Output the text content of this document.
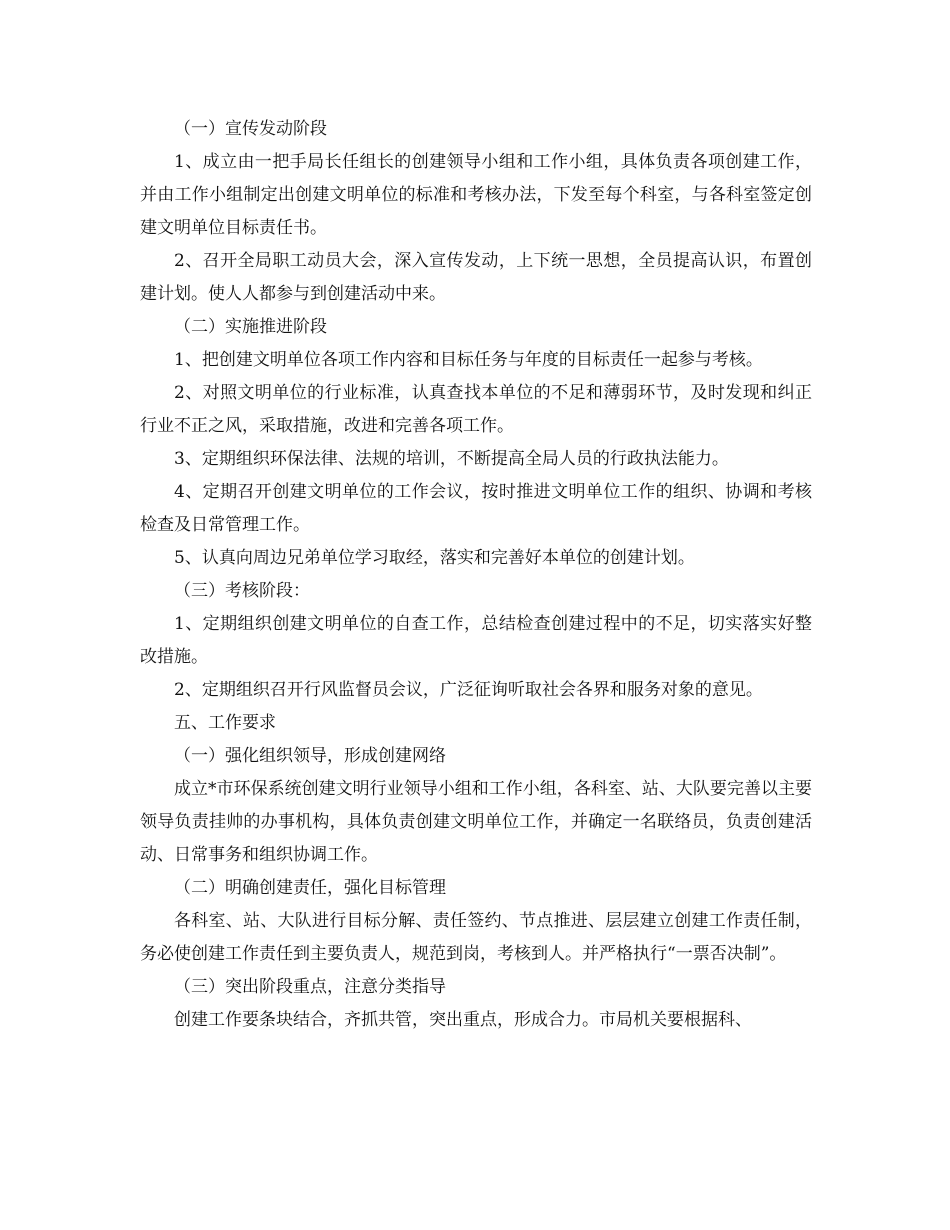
（一）宣传发动阶段

1、成立由一把手局长任组长的创建领导小组和工作小组，具体负责各项创建工作，并由工作小组制定出创建文明单位的标准和考核办法，下发至每个科室，与各科室签定创建文明单位目标责任书。

2、召开全局职工动员大会，深入宣传发动，上下统一思想，全员提高认识，布置创建计划。使人人都参与到创建活动中来。

（二）实施推进阶段

1、把创建文明单位各项工作内容和目标任务与年度的目标责任一起参与考核。

2、对照文明单位的行业标准，认真查找本单位的不足和薄弱环节，及时发现和纠正行业不正之风，采取措施，改进和完善各项工作。

3、定期组织环保法律、法规的培训，不断提高全局人员的行政执法能力。

4、定期召开创建文明单位的工作会议，按时推进文明单位工作的组织、协调和考核检查及日常管理工作。

5、认真向周边兄弟单位学习取经，落实和完善好本单位的创建计划。

（三）考核阶段：

1、定期组织创建文明单位的自查工作，总结检查创建过程中的不足，切实落实好整改措施。

2、定期组织召开行风监督员会议，广泛征询听取社会各界和服务对象的意见。

五、工作要求

（一）强化组织领导，形成创建网络

成立*市环保系统创建文明行业领导小组和工作小组，各科室、站、大队要完善以主要领导负责挂帅的办事机构，具体负责创建文明单位工作，并确定一名联络员，负责创建活动、日常事务和组织协调工作。

（二）明确创建责任，强化目标管理

各科室、站、大队进行目标分解、责任签约、节点推进、层层建立创建工作责任制，务必使创建工作责任到主要负责人，规范到岗，考核到人。并严格执行“一票否决制”。

（三）突出阶段重点，注意分类指导

创建工作要条块结合，齐抓共管，突出重点，形成合力。市局机关要根据科、
